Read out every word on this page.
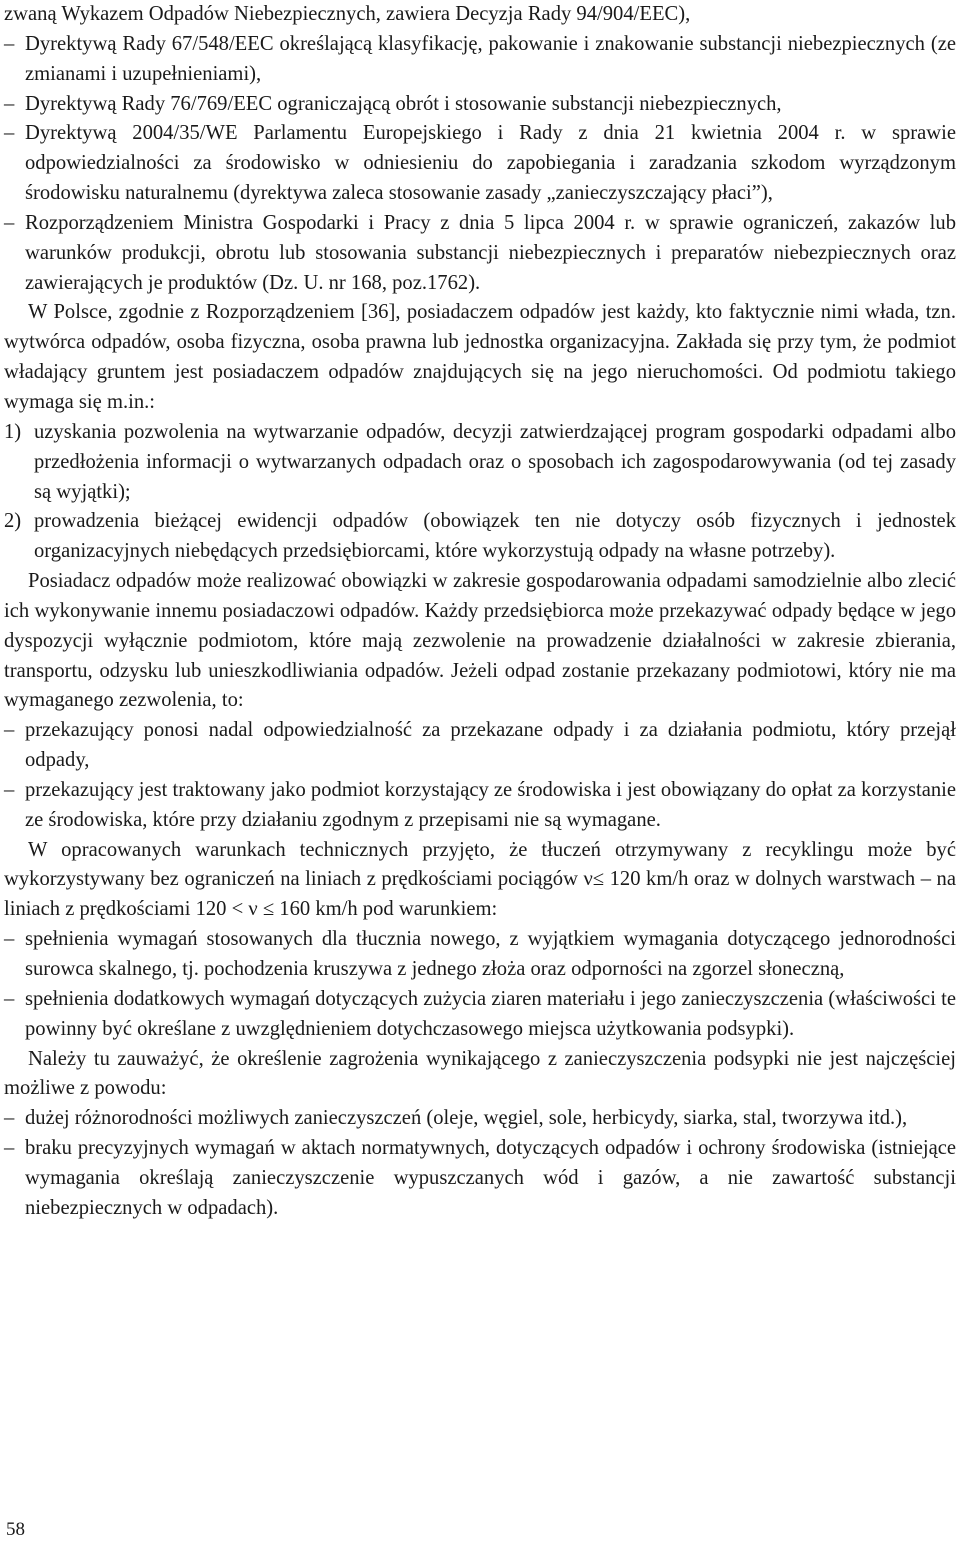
zwaną Wykazem Odpadów Niebezpiecznych, zawiera Decyzja Rady 94/904/EEC),

– Dyrektywą Rady 67/548/EEC określającą klasyfikację, pakowanie i znakowanie substancji niebezpiecznych (ze zmianami i uzupełnieniami),

– Dyrektywą Rady 76/769/EEC ograniczającą obrót i stosowanie substancji niebezpiecznych,

– Dyrektywą 2004/35/WE Parlamentu Europejskiego i Rady z dnia 21 kwietnia 2004 r. w sprawie odpowiedzialności za środowisko w odniesieniu do zapobiegania i zaradzania szkodom wyrządzonym środowisku naturalnemu (dyrektywa zaleca stosowanie zasady „zanieczyszczający płaci”),

– Rozporządzeniem Ministra Gospodarki i Pracy z dnia 5 lipca 2004 r. w sprawie ograniczeń, zakazów lub warunków produkcji, obrotu lub stosowania substancji niebezpiecznych i preparatów niebezpiecznych oraz zawierających je produktów (Dz. U. nr 168, poz.1762).

W Polsce, zgodnie z Rozporządzeniem [36], posiadaczem odpadów jest każdy, kto faktycznie nimi włada, tzn. wytwórca odpadów, osoba fizyczna, osoba prawna lub jednostka organizacyjna. Zakłada się przy tym, że podmiot władający gruntem jest posiadaczem odpadów znajdujących się na jego nieruchomości. Od podmiotu takiego wymaga się m.in.:

1) uzyskania pozwolenia na wytwarzanie odpadów, decyzji zatwierdzającej program gospodarki odpadami albo przedłożenia informacji o wytwarzanych odpadach oraz o sposobach ich zagospodarowywania (od tej zasady są wyjątki);

2) prowadzenia bieżącej ewidencji odpadów (obowiązek ten nie dotyczy osób fizycznych i jednostek organizacyjnych niebędących przedsiębiorcami, które wykorzystują odpady na własne potrzeby).

Posiadacz odpadów może realizować obowiązki w zakresie gospodarowania odpadami samodzielnie albo zlecić ich wykonywanie innemu posiadaczowi odpadów. Każdy przedsiębiorca może przekazywać odpady będące w jego dyspozycji wyłącznie podmiotom, które mają zezwolenie na prowadzenie działalności w zakresie zbierania, transportu, odzysku lub unieszkodliwiania odpadów. Jeżeli odpad zostanie przekazany podmiotowi, który nie ma wymaganego zezwolenia, to:

– przekazujący ponosi nadal odpowiedzialność za przekazane odpady i za działania podmiotu, który przejął odpady,

– przekazujący jest traktowany jako podmiot korzystający ze środowiska i jest obowiązany do opłat za korzystanie ze środowiska, które przy działaniu zgodnym z przepisami nie są wymagane.

W opracowanych warunkach technicznych przyjęto, że tłuczeń otrzymywany z recyklingu może być wykorzystywany bez ograniczeń na liniach z prędkościami pociągów ν≤ 120 km/h oraz w dolnych warstwach – na liniach z prędkościami 120 < ν ≤ 160 km/h pod warunkiem:

– spełnienia wymagań stosowanych dla tłucznia nowego, z wyjątkiem wymagania dotyczącego jednorodności surowca skalnego, tj. pochodzenia kruszywa z jednego złoża oraz odporności na zgorzel słoneczną,

– spełnienia dodatkowych wymagań dotyczących zużycia ziaren materiału i jego zanieczyszczenia (właściwości te powinny być określane z uwzględnieniem dotychczasowego miejsca użytkowania podsypki).

Należy tu zauważyć, że określenie zagrożenia wynikającego z zanieczyszczenia podsypki nie jest najczęściej możliwe z powodu:

– dużej różnorodności możliwych zanieczyszczeń (oleje, węgiel, sole, herbicydy, siarka, stal, tworzywa itd.),

– braku precyzyjnych wymagań w aktach normatywnych, dotyczących odpadów i ochrony środowiska (istniejące wymagania określają zanieczyszczenie wypuszczanych wód i gazów, a nie zawartość substancji niebezpiecznych w odpadach).

58
